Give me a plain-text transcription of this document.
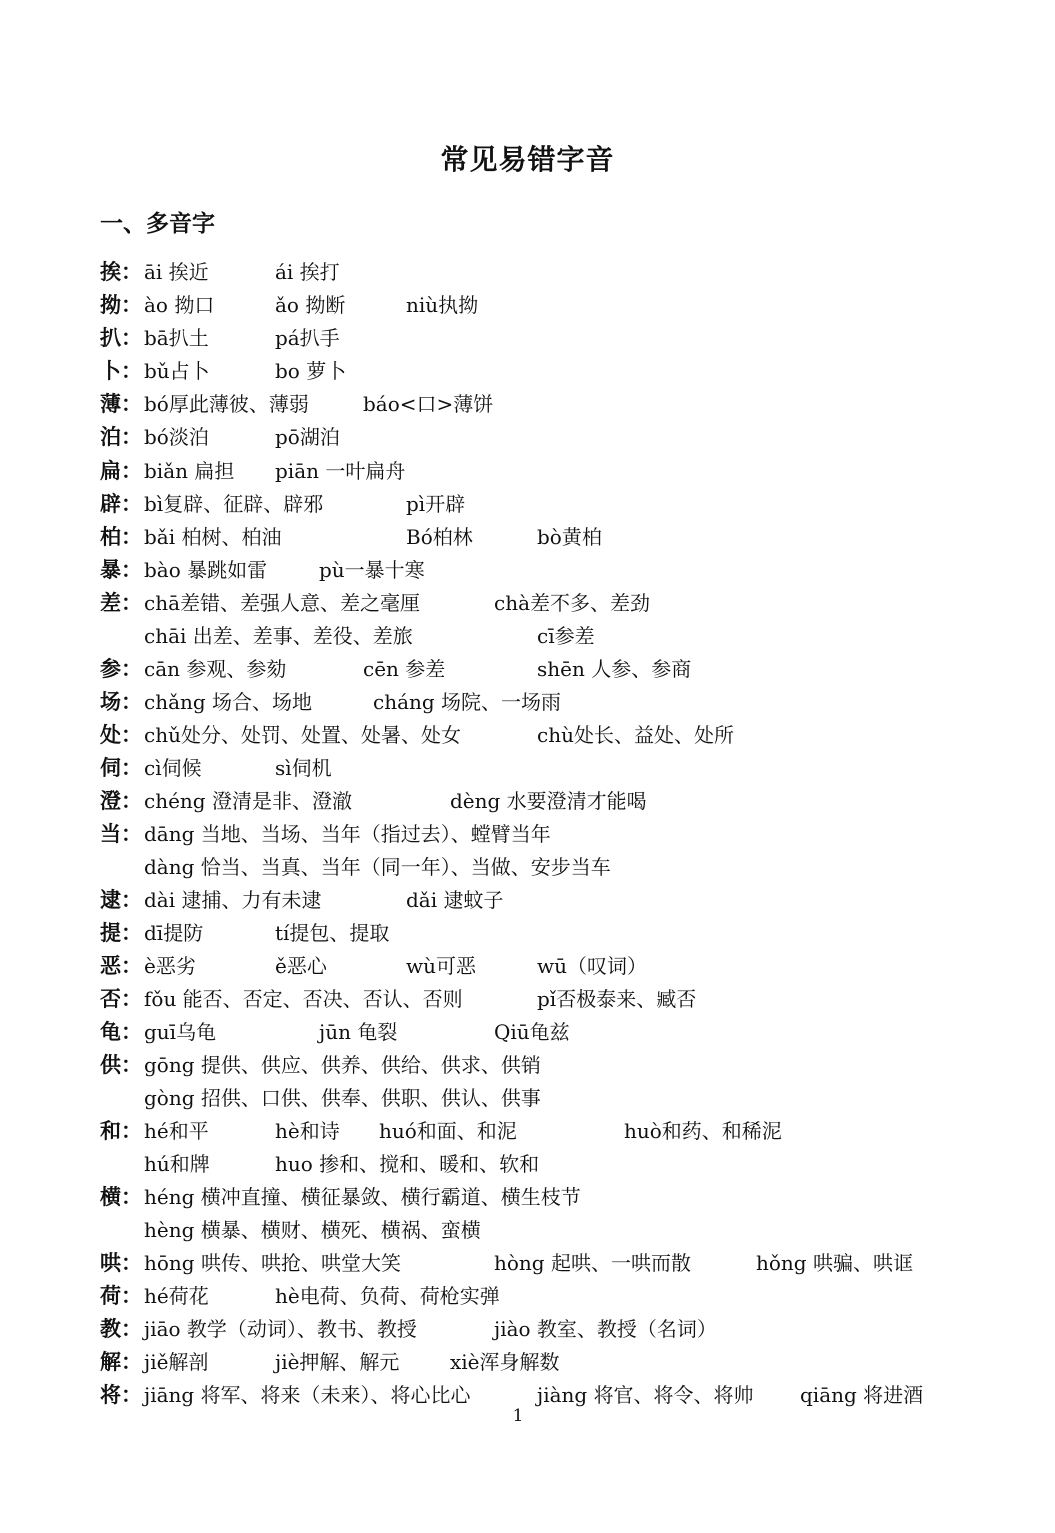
常见易错字音
一、多音字
挨： āi 挨近	ái 挨打
拗： ào 拗口	ǎo 拗断	niù执拗
扒： bā扒土	pá扒手
卜： bǔ占卜	bo 萝卜
薄： bó厚此薄彼、薄弱	báo<口>薄饼
泊： bó淡泊	pō湖泊
扁： biǎn 扁担 piān 一叶扁舟
辟： bì复辟、征辟、辟邪	pì开辟
柏： bǎi 柏树、柏油	Bó柏林	bò黄柏
暴： bào 暴跳如雷	pù一暴十寒
差： chā差错、差强人意、差之毫厘	chà差不多、差劲
chāi 出差、差事、差役、差旅	cī参差
参： cān 参观、参劾	cēn 参差	shēn 人参、参商
场： chǎng 场合、场地	cháng 场院、一场雨
处： chǔ处分、处罚、处置、处暑、处女	chù处长、益处、处所
伺： cì伺候	sì伺机
澄： chéng 澄清是非、澄澈	dèng 水要澄清才能喝
当： dāng 当地、当场、当年（指过去）、螳臂当年
dàng 恰当、当真、当年（同一年）、当做、安步当车
逮： dài 逮捕、力有未逮	dǎi 逮蚊子
提： dī提防	tí提包、提取
恶： è恶劣	ě恶心	wù可恶	wū（叹词）
否： fǒu 能否、否定、否决、否认、否则	pǐ否极泰来、臧否
龟： guī乌龟	jūn 龟裂	Qiū龟兹
供： gōng 提供、供应、供养、供给、供求、供销
gòng 招供、口供、供奉、供职、供认、供事
和： hé和平	hè和诗 huó和面、和泥	huò和药、和稀泥
hú和牌	huo 掺和、搅和、暖和、软和
横： héng 横冲直撞、横征暴敛、横行霸道、横生枝节
hèng 横暴、横财、横死、横祸、蛮横
哄： hōng 哄传、哄抢、哄堂大笑	hòng 起哄、一哄而散	hǒng 哄骗、哄诓
荷： hé荷花	hè电荷、负荷、荷枪实弹
教： jiāo 教学（动词）、教书、教授	jiào 教室、教授（名词）
解： jiě解剖	jiè押解、解元	xiè浑身解数
将： jiāng 将军、将来（未来）、将心比心	jiàng 将官、将令、将帅 qiāng 将进酒
1
